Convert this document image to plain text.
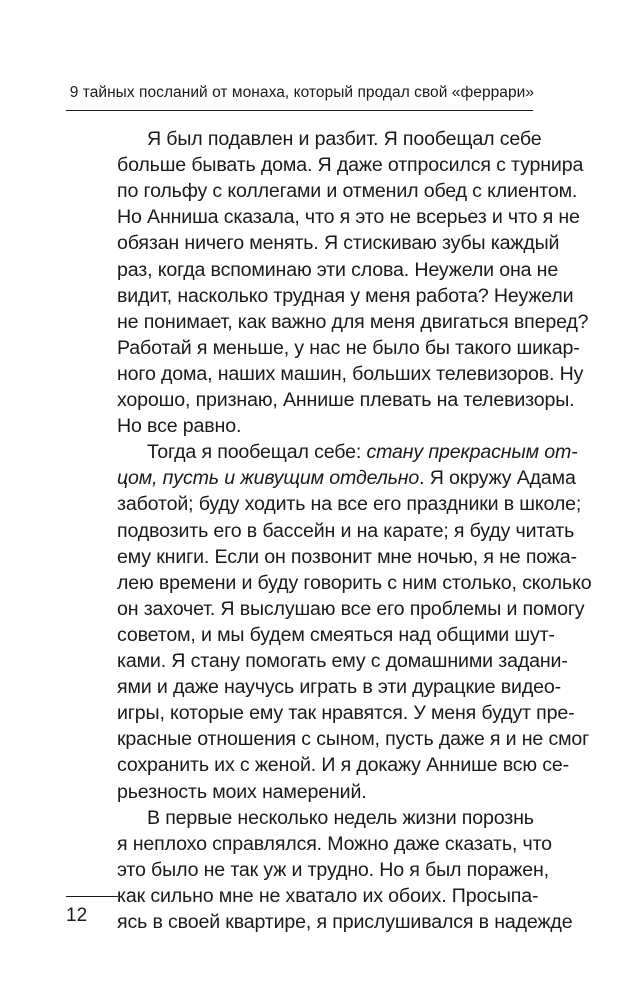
9 тайных посланий от монаха, который продал свой «феррари»
Я был подавлен и разбит. Я пообещал себе
больше бывать дома. Я даже отпросился с турнира
по гольфу с коллегами и отменил обед с клиентом.
Но Анниша сказала, что я это не всерьез и что я не
обязан ничего менять. Я стискиваю зубы каждый
раз, когда вспоминаю эти слова. Неужели она не
видит, насколько трудная у меня работа? Неужели
не понимает, как важно для меня двигаться вперед?
Работай я меньше, у нас не было бы такого шикар-
ного дома, наших машин, больших телевизоров. Ну
хорошо, признаю, Аннише плевать на телевизоры.
Но все равно.
Тогда я пообещал себе: стану прекрасным от-
цом, пусть и живущим отдельно. Я окружу Адама
заботой; буду ходить на все его праздники в школе;
подвозить его в бассейн и на карате; я буду читать
ему книги. Если он позвонит мне ночью, я не пожа-
лею времени и буду говорить с ним столько, сколько
он захочет. Я выслушаю все его проблемы и помогу
советом, и мы будем смеяться над общими шут-
ками. Я стану помогать ему с домашними задани-
ями и даже научусь играть в эти дурацкие видео-
игры, которые ему так нравятся. У меня будут пре-
красные отношения с сыном, пусть даже я и не смог
сохранить их с женой. И я докажу Аннише всю се-
рьезность моих намерений.
В первые несколько недель жизни порознь
я неплохо справлялся. Можно даже сказать, что
это было не так уж и трудно. Но я был поражен,
как сильно мне не хватало их обоих. Просыпа-
ясь в своей квартире, я прислушивался в надежде
12
